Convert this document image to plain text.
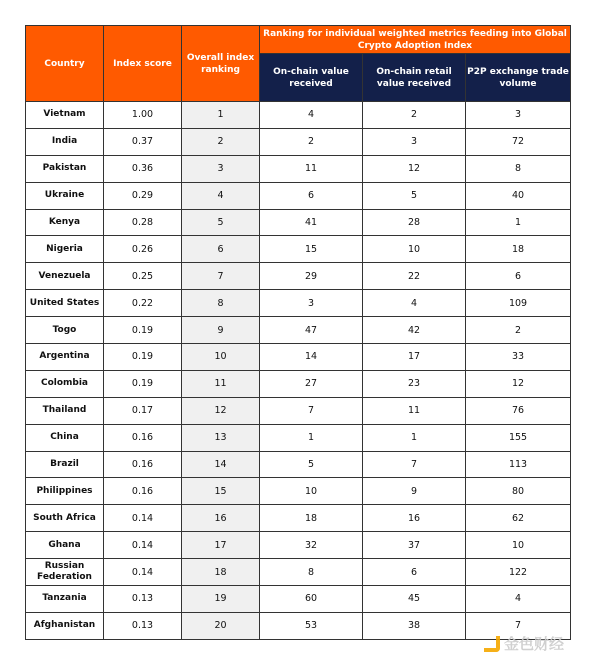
Country	Index score	Overall index ranking	Ranking for individual weighted metrics feeding into Global Crypto Adoption Index		
			On-chain value received	On-chain retail value received	P2P exchange trade volume
Vietnam	1.00	1	4	2	3
India	0.37	2	2	3	72
Pakistan	0.36	3	11	12	8
Ukraine	0.29	4	6	5	40
Kenya	0.28	5	41	28	1
Nigeria	0.26	6	15	10	18
Venezuela	0.25	7	29	22	6
United States	0.22	8	3	4	109
Togo	0.19	9	47	42	2
Argentina	0.19	10	14	17	33
Colombia	0.19	11	27	23	12
Thailand	0.17	12	7	11	76
China	0.16	13	1	1	155
Brazil	0.16	14	5	7	113
Philippines	0.16	15	10	9	80
South Africa	0.14	16	18	16	62
Ghana	0.14	17	32	37	10
Russian Federation	0.14	18	8	6	122
Tanzania	0.13	19	60	45	4
Afghanistan	0.13	20	53	38	7
金色财经
